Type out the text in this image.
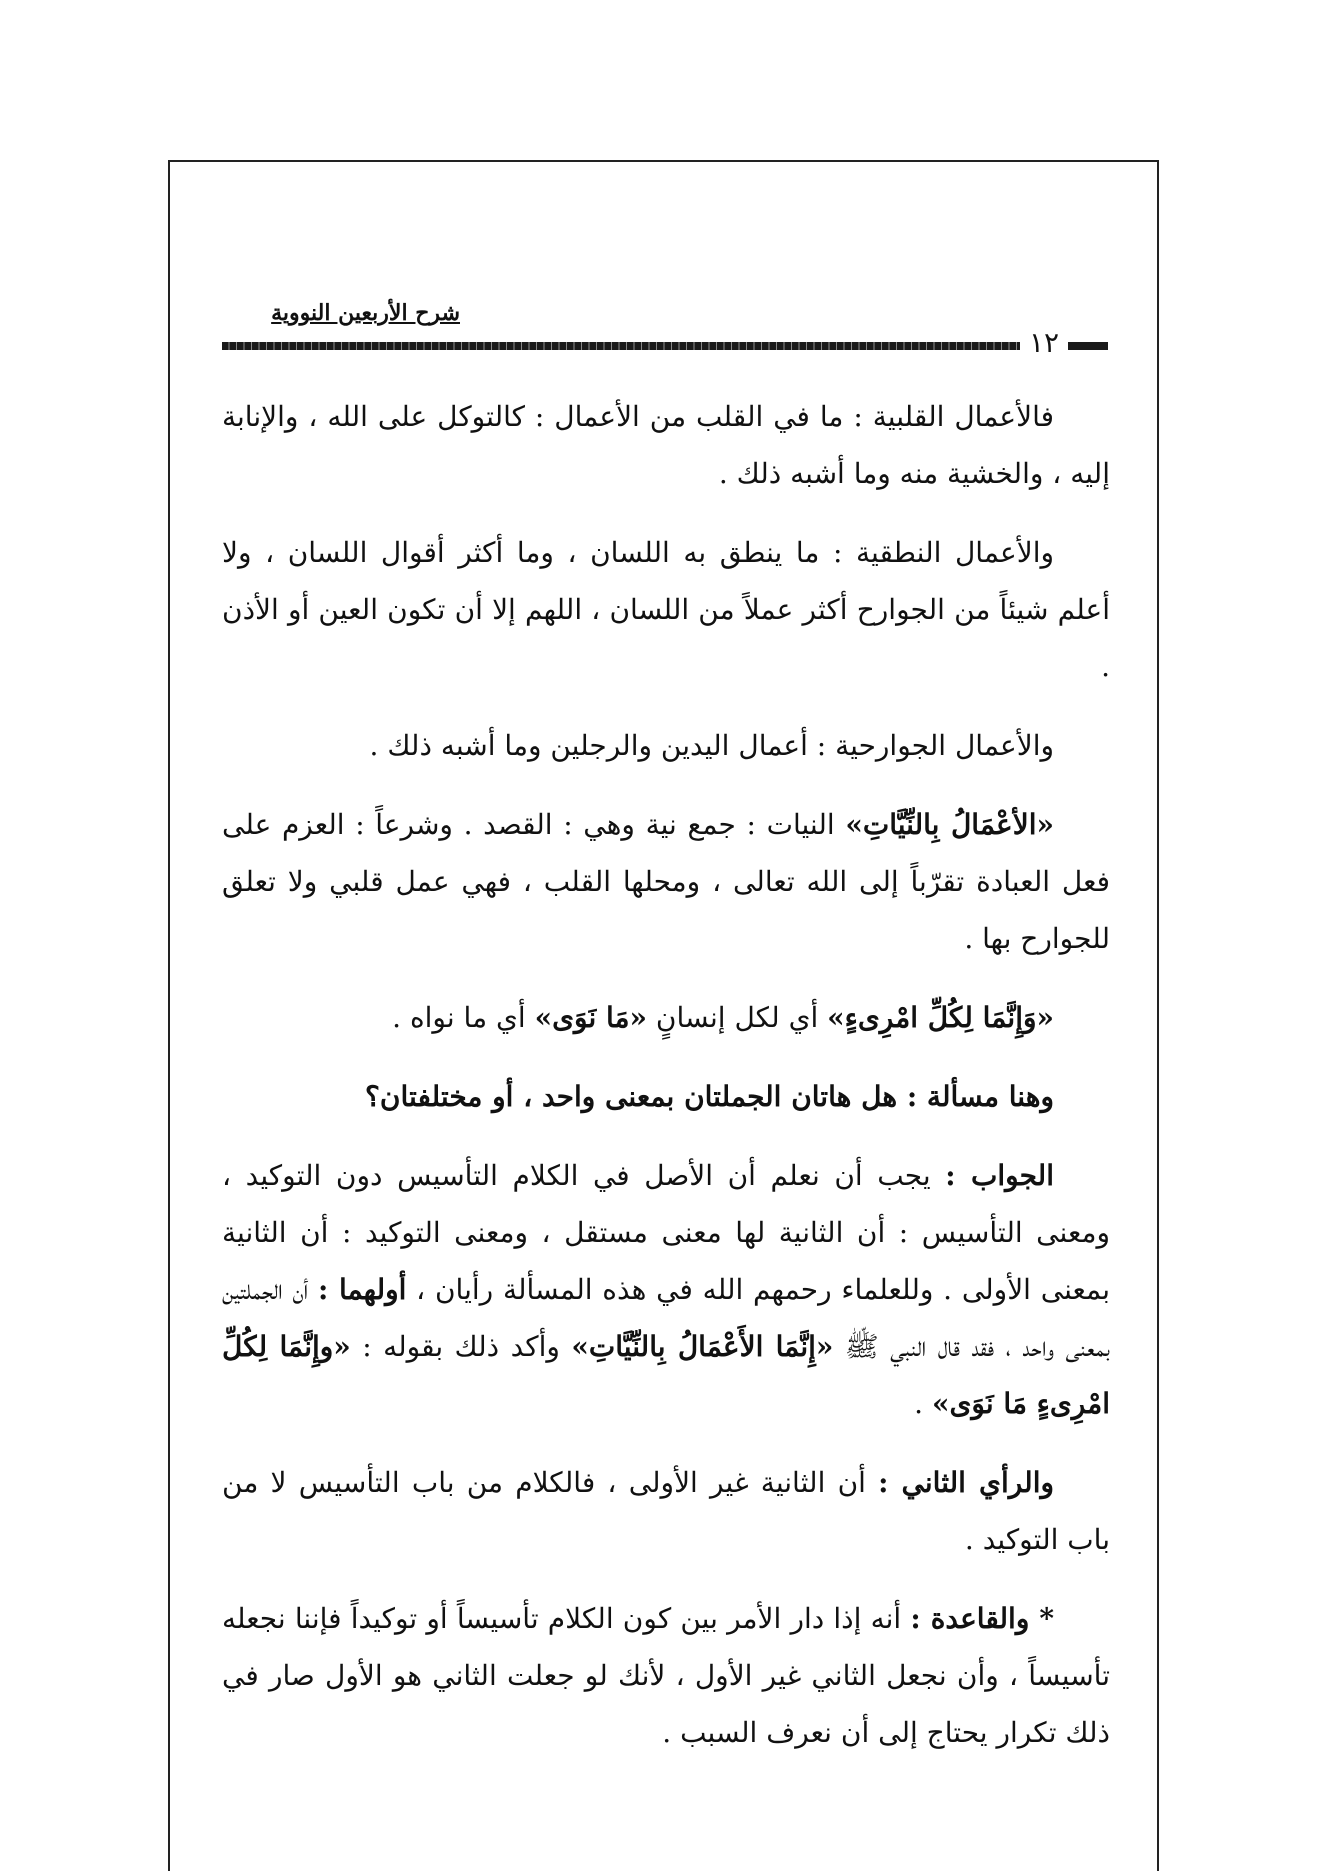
شرح الأربعين النووية
١٢

فالأعمال القلبية : ما في القلب من الأعمال : كالتوكل على الله ، والإنابة إليه ، والخشية منه وما أشبه ذلك .

والأعمال النطقية : ما ينطق به اللسان ، وما أكثر أقوال اللسان ، ولا أعلم شيئاً من الجوارح أكثر عملاً من اللسان ، اللهم إلا أن تكون العين أو الأذن .

والأعمال الجوارحية : أعمال اليدين والرجلين وما أشبه ذلك .

«الأعْمَالُ بِالنِّيَّاتِ» النيات : جمع نية وهي : القصد . وشرعاً : العزم على فعل العبادة تقرّباً إلى الله تعالى ، ومحلها القلب ، فهي عمل قلبي ولا تعلق للجوارح بها .

«وَإِنَّمَا لِكُلِّ امْرِىءٍ» أي لكل إنسانٍ «مَا نَوَى» أي ما نواه .

وهنا مسألة : هل هاتان الجملتان بمعنى واحد ، أو مختلفتان؟

الجواب : يجب أن نعلم أن الأصل في الكلام التأسيس دون التوكيد ، ومعنى التأسيس : أن الثانية لها معنى مستقل ، ومعنى التوكيد : أن الثانية بمعنى الأولى . وللعلماء رحمهم الله في هذه المسألة رأيان ، أولهما : أن الجملتين بمعنى واحد ، فقد قال النبي ﷺ «إِنَّمَا الأَعْمَالُ بِالنِّيَّاتِ» وأكد ذلك بقوله : «وإِنَّمَا لِكُلِّ امْرِىءٍ مَا نَوَى» .

والرأي الثاني : أن الثانية غير الأولى ، فالكلام من باب التأسيس لا من باب التوكيد .

* والقاعدة : أنه إذا دار الأمر بين كون الكلام تأسيساً أو توكيداً فإننا نجعله تأسيساً ، وأن نجعل الثاني غير الأول ، لأنك لو جعلت الثاني هو الأول صار في ذلك تكرار يحتاج إلى أن نعرف السبب .
